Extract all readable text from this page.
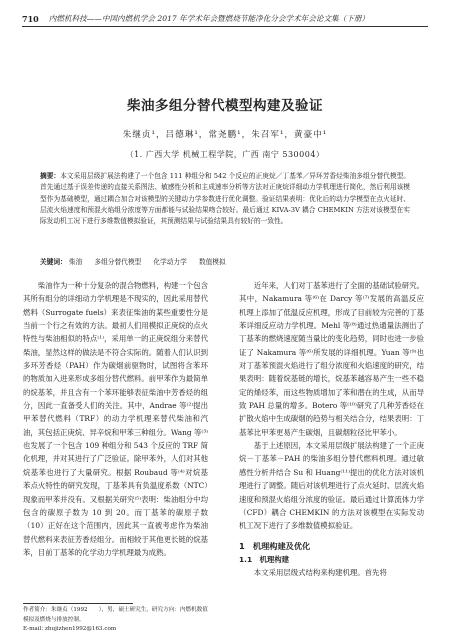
710 内燃机科技——中国内燃机学会 2017 年学术年会暨燃烧节能净化分会学术年会论文集（下册）
柴油多组分替代模型构建及验证
朱继贞¹，吕德琳¹，常尧鹏¹，朱召军¹，黄豪中¹
（1. 广西大学 机械工程学院，广西 南宁 530004）
摘要：本文采用层级扩展法构建了一个包含 111 种组分和 542 个反应的正庚烷／丁基苯／异环芳香烃柴油多组分替代模型。首先通过基于误差传递的直接关系图法、敏感性分析和主成速率分析等方法对正庚烷详细动力学机理进行简化，然后利用该模型作为基础模型，通过耦合加合对该模型的关键动力学参数进行优化调整。验证结果表明：优化后的动力学模型在点火延时、层流火焰速度和预混火焰组分浓度等方面都能与试验结果吻合较好。最后通过 KIVA-3V 耦合 CHEMKIN 方法对该模型在实际发动机工况下进行多维数值模拟验证，其预测结果与试验结果具有较好的一致性。
关键词： 柴油 多组分替代模型 化学动力学 数值模拟

柴油作为一种十分复杂的混合物燃料，构建一个包含其所有组分的详细动力学机理是不现实的，因此采用替代燃料（Surrogate fuels）来表征柴油的某些重要性分是当前一个行之有效的方法。最初人们用模拟正庚烷的点火特性与柴油相似的特点⁽¹⁾，采用单一的正庚烷组分来替代柴油，显然这样的做法是不符合实际的。随着人们认识到多环芳香烃（PAH）作为碳烟前驱物时，试图将含苯环的物质加入进来形成多组分替代燃料。前甲苯作为最简单的烷基苯，并且含有一个苯环能够表征柴油中芳香烃的组分，因此一直备受人们的关注。其中，Andrae 等⁽²⁾提出甲苯替代燃料（TRF）的动力学机理来替代柴油和汽油，其包括正庚烷、异辛烷和甲苯三种组分。Wang 等⁽³⁾也发展了一个包含 109 种组分和 543 个反应的 TRF 简化机理，并对其进行了广泛验证。除甲苯外，人们对其他烷基苯也进行了大量研究。根据 Roubaud 等⁽⁴⁾对烷基苯点火特性的研究发现，丁基苯具有负温度系数（NTC）现象而甲苯并没有。又根据关研究⁽⁵⁾表明：柴油组分中均包含的碳原子数为 10 到 20。而丁基苯的碳原子数（10）正好在这个范围内，因此其一直被考虑作为柴油替代燃料来表征芳香烃组分。而相较于其他更长链的烷基苯，目前丁基苯的化学动力学机理最为成熟。

近年来，人们对丁基苯进行了全面的基础试验研究。其中，Nakamura 等⁽⁶⁾在 Darcy 等⁽⁷⁾发展的高温反应机理上添加了低温反应机理，形成了目前较为完善的丁基苯详细反应动力学机理。Mehl 等⁽⁸⁾通过热通量法测出了丁基苯的燃烧速度随当量比的变化趋势，同时也进一步验证了 Nakamura 等⁽⁶⁾所发展的详细机理。Yuan 等⁽⁹⁾也对丁基苯预混火焰进行了组分浓度和火焰速度的研究，结果表明：随着烷基链的增长，烷基苯越容易产生一些不稳定的烯烃苯，而这些物质增加了苯和潜在的生成，从而导致 PAH 总量的增多。Botero 等⁽¹⁰⁾研究了几种芳香烃在扩散火焰中生成碳烟的趋势与相关结合分，结果表明：丁基苯比甲苯更易产生碳烟，且碳烟粒径比甲苯小。

基于上述原因，本文采用层级扩展法构建了一个正庚烷－丁基苯－PAH 的柴油多组分替代燃料机理。通过敏感性分析并结合 Su 和 Huang⁽¹¹⁾提出的优化方法对该机理进行了调整。随后对该机理进行了点火延时、层流火焰速度和预混火焰组分浓度的验证。最后通过计算流体力学（CFD）耦合 CHEMKIN 的方法对该模型在实际发动机工况下进行了多维数值模拟验证。

1　机理构建及优化
1.1　机理构建

本文采用层级式结构来构建机理。首先将

作者简介：朱继贞（1992　　），男，硕士研究生，研究方向：内燃机数值模拟及燃烧与排放控制。
E-mail: zhujizhen1992@163.com
